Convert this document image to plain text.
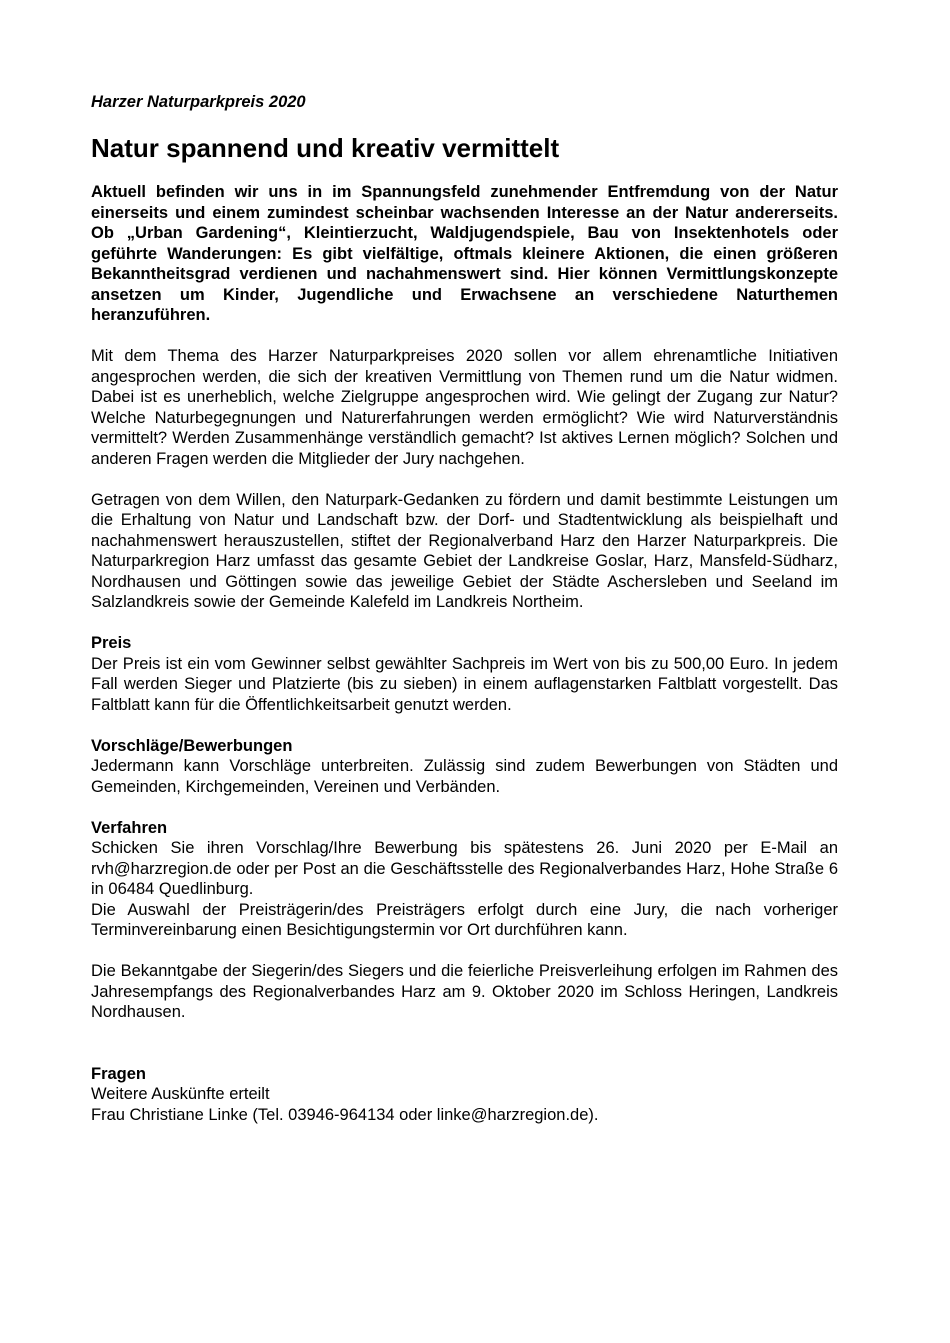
Harzer Naturparkpreis 2020

Natur spannend und kreativ vermittelt

Aktuell befinden wir uns in im Spannungsfeld zunehmender Entfremdung von der Natur einerseits und einem zumindest scheinbar wachsenden Interesse an der Natur andererseits. Ob „Urban Gardening“, Kleintierzucht, Waldjugendspiele, Bau von Insektenhotels oder geführte Wanderungen: Es gibt vielfältige, oftmals kleinere Aktionen, die einen größeren Bekanntheitsgrad verdienen und nachahmenswert sind. Hier können Vermittlungskonzepte ansetzen um Kinder, Jugendliche und Erwachsene an verschiedene Naturthemen heranzuführen.

Mit dem Thema des Harzer Naturparkpreises 2020 sollen vor allem ehrenamtliche Initiativen angesprochen werden, die sich der kreativen Vermittlung von Themen rund um die Natur widmen. Dabei ist es unerheblich, welche Zielgruppe angesprochen wird. Wie gelingt der Zugang zur Natur? Welche Naturbegegnungen und Naturerfahrungen werden ermöglicht? Wie wird Naturverständnis vermittelt? Werden Zusammenhänge verständlich gemacht? Ist aktives Lernen möglich? Solchen und anderen Fragen werden die Mitglieder der Jury nachgehen.

Getragen von dem Willen, den Naturpark-Gedanken zu fördern und damit bestimmte Leistungen um die Erhaltung von Natur und Landschaft bzw. der Dorf- und Stadtentwicklung als beispielhaft und nachahmenswert herauszustellen, stiftet der Regionalverband Harz den Harzer Naturparkpreis. Die Naturparkregion Harz umfasst das gesamte Gebiet der Landkreise Goslar, Harz, Mansfeld-Südharz, Nordhausen und Göttingen sowie das jeweilige Gebiet der Städte Aschersleben und Seeland im Salzlandkreis sowie der Gemeinde Kalefeld im Landkreis Northeim.

Preis

Der Preis ist ein vom Gewinner selbst gewählter Sachpreis im Wert von bis zu 500,00 Euro. In jedem Fall werden Sieger und Platzierte (bis zu sieben) in einem auflagenstarken Faltblatt vorgestellt. Das Faltblatt kann für die Öffentlichkeitsarbeit genutzt werden.

Vorschläge/Bewerbungen

Jedermann kann Vorschläge unterbreiten. Zulässig sind zudem Bewerbungen von Städten und Gemeinden, Kirchgemeinden, Vereinen und Verbänden.

Verfahren

Schicken Sie ihren Vorschlag/Ihre Bewerbung bis spätestens 26. Juni 2020 per E-Mail an rvh@harzregion.de oder per Post an die Geschäftsstelle des Regionalverbandes Harz, Hohe Straße 6 in 06484 Quedlinburg.

Die Auswahl der Preisträgerin/des Preisträgers erfolgt durch eine Jury, die nach vorheriger Terminvereinbarung einen Besichtigungstermin vor Ort durchführen kann.

Die Bekanntgabe der Siegerin/des Siegers und die feierliche Preisverleihung erfolgen im Rahmen des Jahresempfangs des Regionalverbandes Harz am 9. Oktober 2020 im Schloss Heringen, Landkreis Nordhausen.

Fragen

Weitere Auskünfte erteilt
Frau Christiane Linke (Tel. 03946-964134 oder linke@harzregion.de).
